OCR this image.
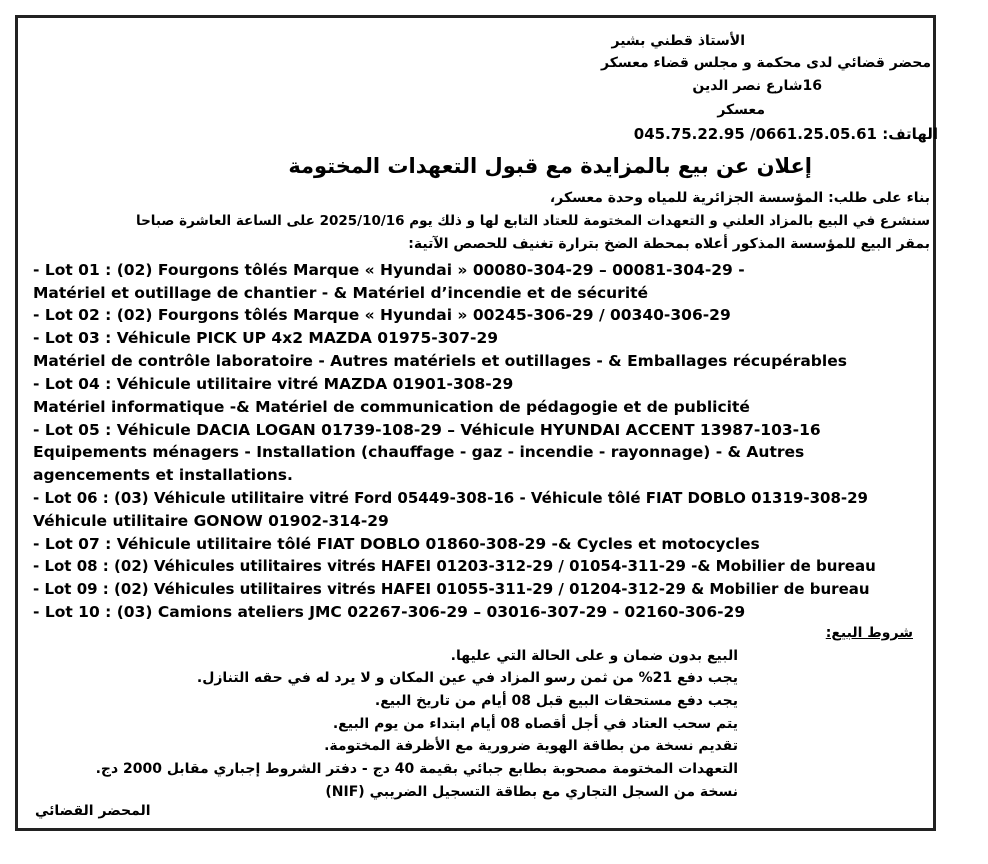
الأستاذ قطني بشير
محضر قضائي لدى محكمة و مجلس قضاء معسكر
16شارع نصر الدين
معسكر
الهاتف: 0661.25.05.61/ 045.75.22.95
إعلان عن بيع بالمزايدة مع قبول التعهدات المختومة
بناء على طلب: المؤسسة الجزائرية للمياه وحدة معسكر،
سنشرع في البيع بالمزاد العلني و التعهدات المختومة للعتاد التابع لها و ذلك يوم 2025/10/16 على الساعة العاشرة صباحا
بمقر البيع للمؤسسة المذكور أعلاه بمحطة الضخ بترارة تغنيف للحصص الآتية:
- Lot 01 : (02) Fourgons tôlés Marque « Hyundai » 00080-304-29 – 00081-304-29 -
Matériel et outillage de chantier - & Matériel d’incendie et de sécurité
- Lot 02 : (02) Fourgons tôlés Marque « Hyundai » 00245-306-29 / 00340-306-29
- Lot 03 : Véhicule PICK UP 4x2 MAZDA 01975-307-29
Matériel de contrôle laboratoire - Autres matériels et outillages - & Emballages récupérables
- Lot 04 : Véhicule utilitaire vitré MAZDA 01901-308-29
Matériel informatique -& Matériel de communication de pédagogie et de publicité
- Lot 05 : Véhicule DACIA LOGAN 01739-108-29 – Véhicule HYUNDAI ACCENT 13987-103-16
Equipements ménagers - Installation (chauffage - gaz - incendie - rayonnage) - & Autres
agencements et installations.
- Lot 06 : (03) Véhicule utilitaire vitré Ford 05449-308-16 - Véhicule tôlé FIAT DOBLO 01319-308-29
Véhicule utilitaire GONOW 01902-314-29
- Lot 07 : Véhicule utilitaire tôlé FIAT DOBLO 01860-308-29 -& Cycles et motocycles
- Lot 08 : (02) Véhicules utilitaires vitrés HAFEI 01203-312-29 / 01054-311-29 -& Mobilier de bureau
- Lot 09 : (02) Véhicules utilitaires vitrés HAFEI 01055-311-29 / 01204-312-29 & Mobilier de bureau
- Lot 10 : (03) Camions ateliers JMC 02267-306-29 – 03016-307-29 - 02160-306-29
شروط البيع:
البيع بدون ضمان و على الحالة التي عليها.
يجب دفع 21% من ثمن رسو المزاد في عين المكان و لا يرد له في حقه التنازل.
يجب دفع مستحقات البيع قبل 08 أيام من تاريخ البيع.
يتم سحب العتاد في أجل أقصاه 08 أيام ابتداء من يوم البيع.
تقديم نسخة من بطاقة الهوية ضرورية مع الأظرفة المختومة.
التعهدات المختومة مصحوبة بطابع جبائي بقيمة 40 دج - دفتر الشروط إجباري مقابل 2000 دج.
نسخة من السجل التجاري مع بطاقة التسجيل الضريبي (NIF)
المحضر القضائي
